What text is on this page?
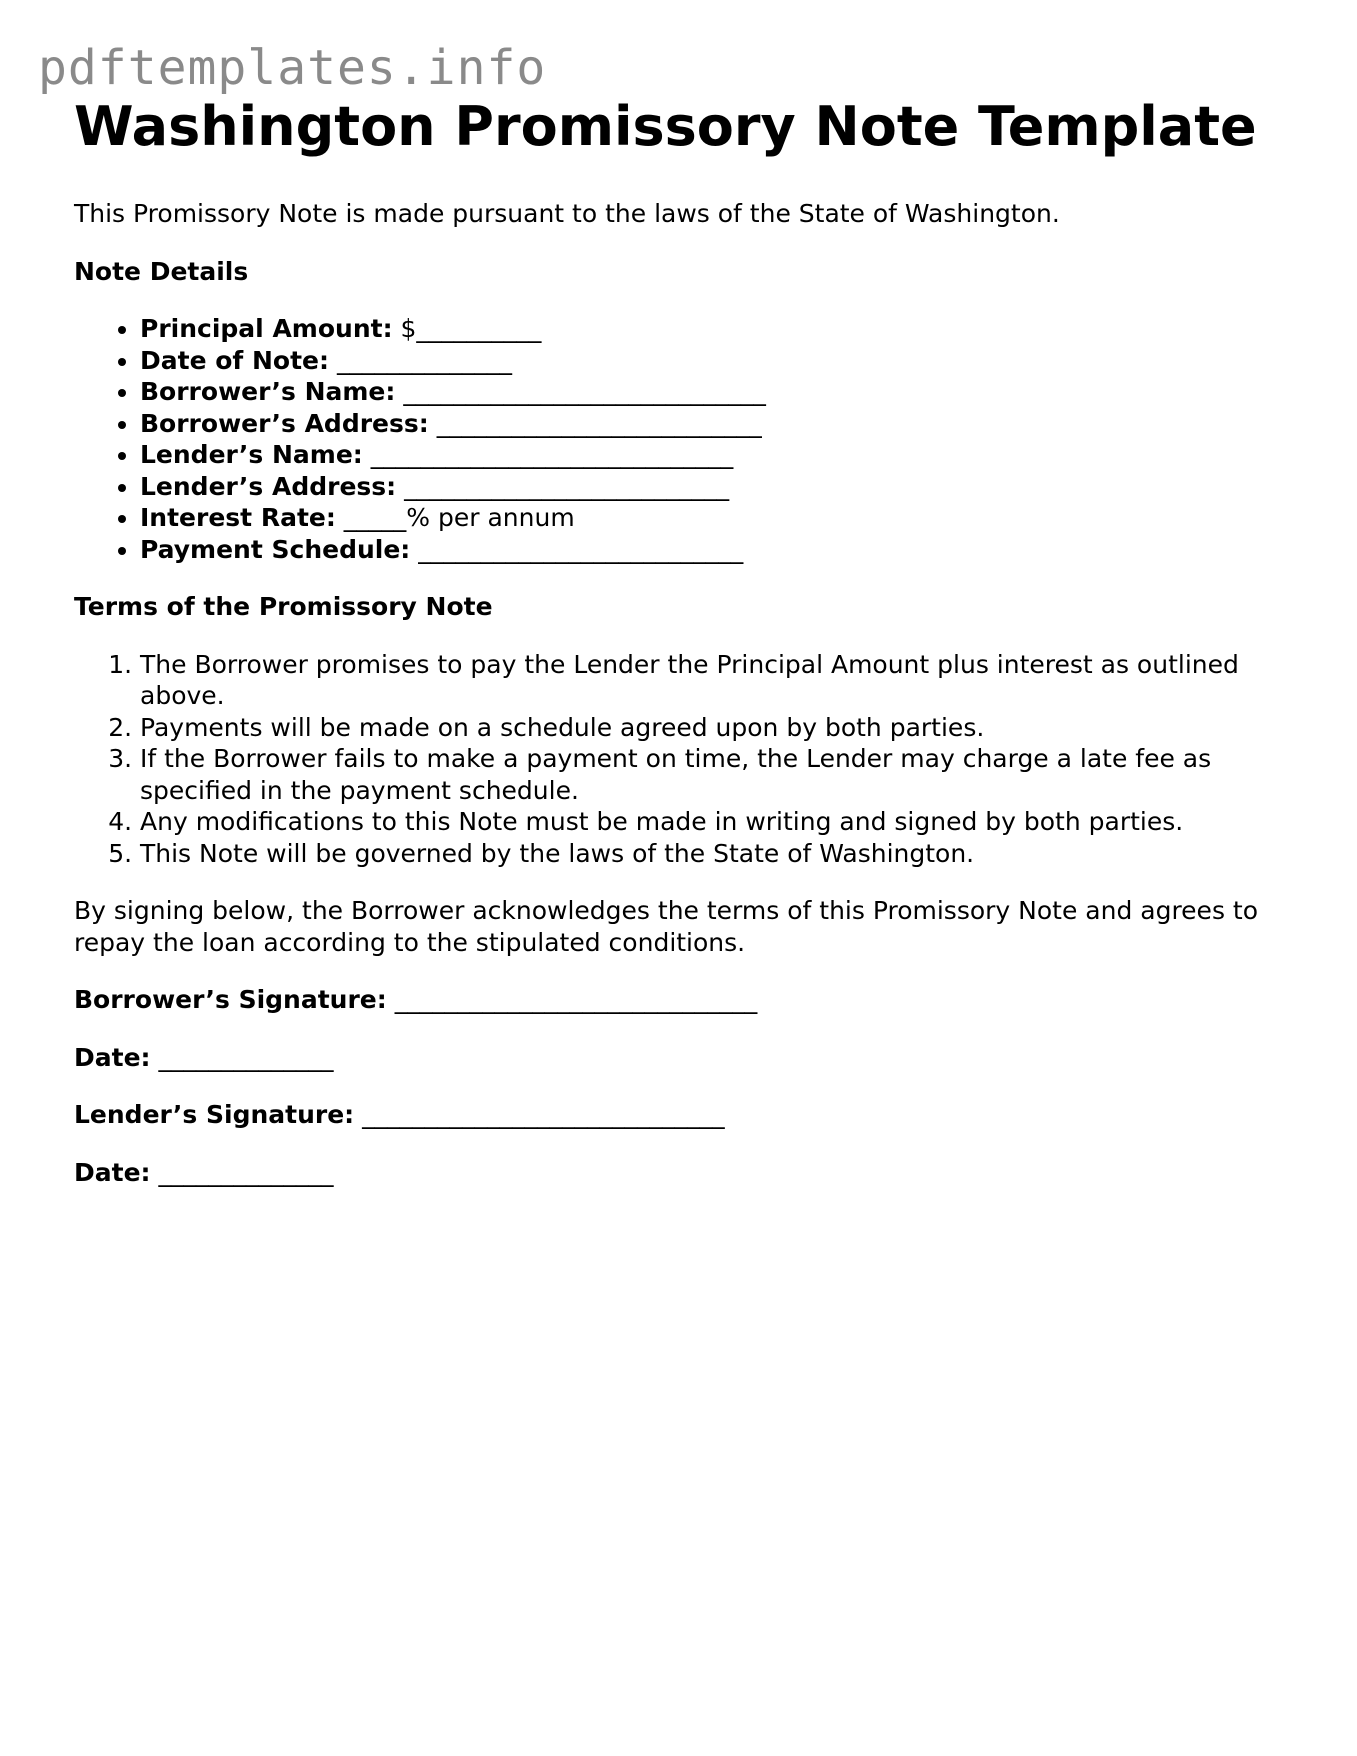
pdftemplates.info
Washington Promissory Note Template

This Promissory Note is made pursuant to the laws of the State of Washington.

Note Details
• Principal Amount: $__________
• Date of Note: ______________
• Borrower’s Name: _____________________________
• Borrower’s Address: __________________________
• Lender’s Name: _____________________________
• Lender’s Address: __________________________
• Interest Rate: _____% per annum
• Payment Schedule: __________________________
Terms of the Promissory Note
1. The Borrower promises to pay the Lender the Principal Amount plus interest as outlined above.
2. Payments will be made on a schedule agreed upon by both parties.
3. If the Borrower fails to make a payment on time, the Lender may charge a late fee as specified in the payment schedule.
4. Any modifications to this Note must be made in writing and signed by both parties.
5. This Note will be governed by the laws of the State of Washington.

By signing below, the Borrower acknowledges the terms of this Promissory Note and agrees to repay the loan according to the stipulated conditions.

Borrower’s Signature: _____________________________
Date: ______________
Lender’s Signature: _____________________________
Date: ______________
